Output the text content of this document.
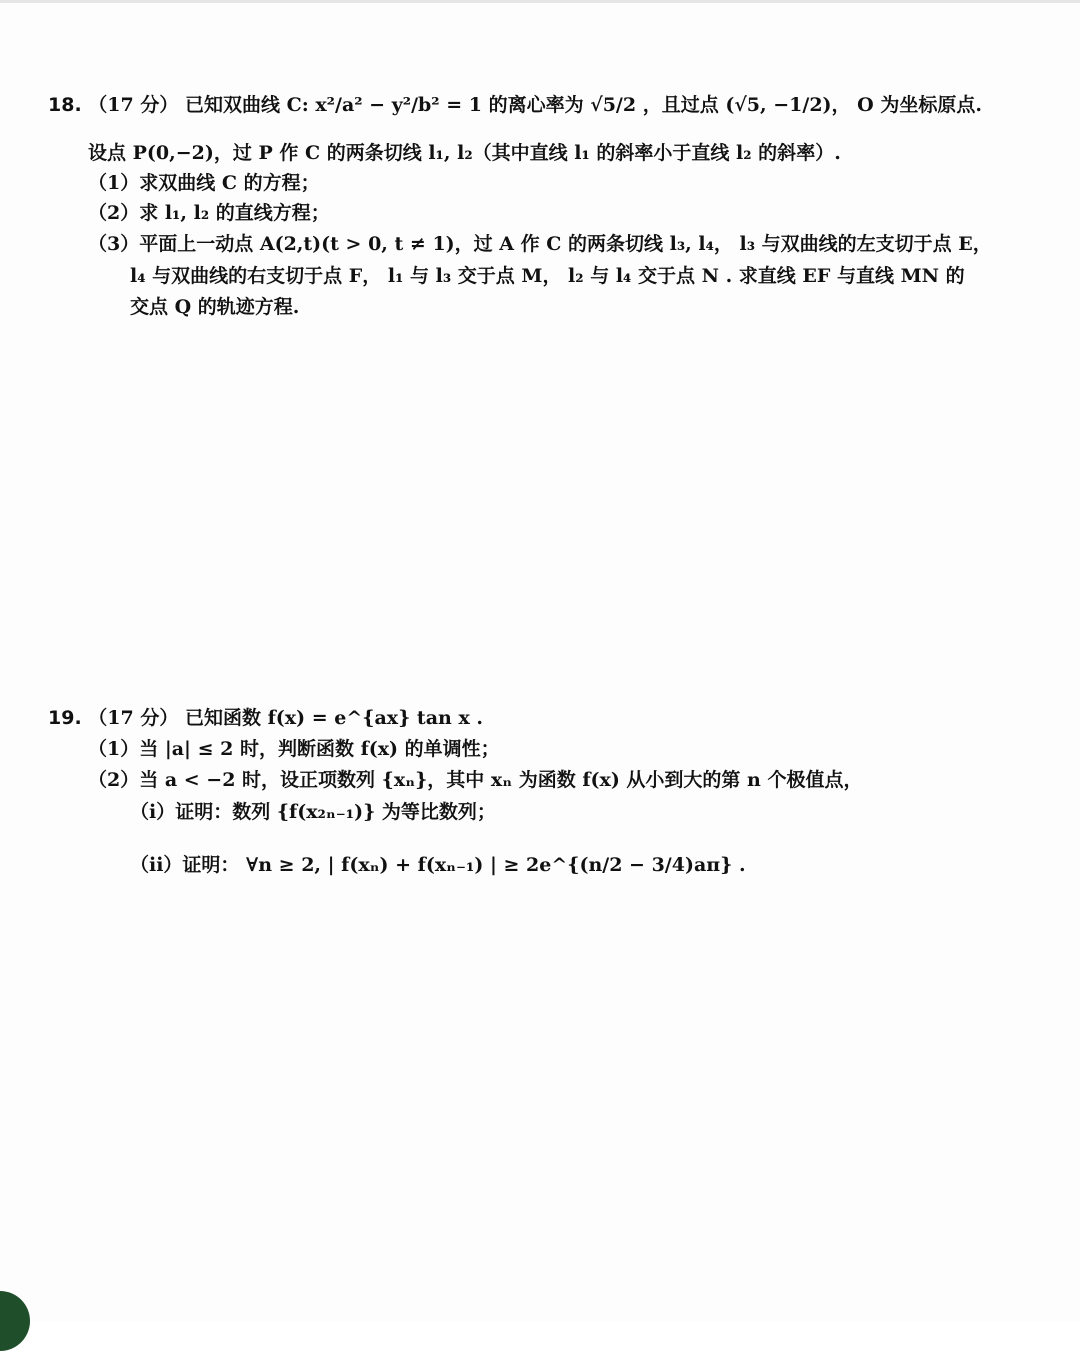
18. （17 分） 已知双曲线 C: x²/a² − y²/b² = 1 的离心率为 √5/2 ，且过点 (√5, −1/2)， O 为坐标原点.
设点 P(0,−2)，过 P 作 C 的两条切线 l₁, l₂（其中直线 l₁ 的斜率小于直线 l₂ 的斜率）.
（1）求双曲线 C 的方程；
（2）求 l₁, l₂ 的直线方程；
（3）平面上一动点 A(2,t)(t > 0, t ≠ 1)，过 A 作 C 的两条切线 l₃, l₄， l₃ 与双曲线的左支切于点 E，
l₄ 与双曲线的右支切于点 F， l₁ 与 l₃ 交于点 M， l₂ 与 l₄ 交于点 N . 求直线 EF 与直线 MN 的
交点 Q 的轨迹方程.
19. （17 分） 已知函数 f(x) = e^{ax} tan x .
（1）当 |a| ≤ 2 时，判断函数 f(x) 的单调性；
（2）当 a < −2 时，设正项数列 {xₙ}，其中 xₙ 为函数 f(x) 从小到大的第 n 个极值点，
（i）证明：数列 {f(x₂ₙ₋₁)} 为等比数列；
（ii）证明： ∀n ≥ 2, | f(xₙ) + f(xₙ₋₁) | ≥ 2e^{(n/2 − 3/4)aπ} .
